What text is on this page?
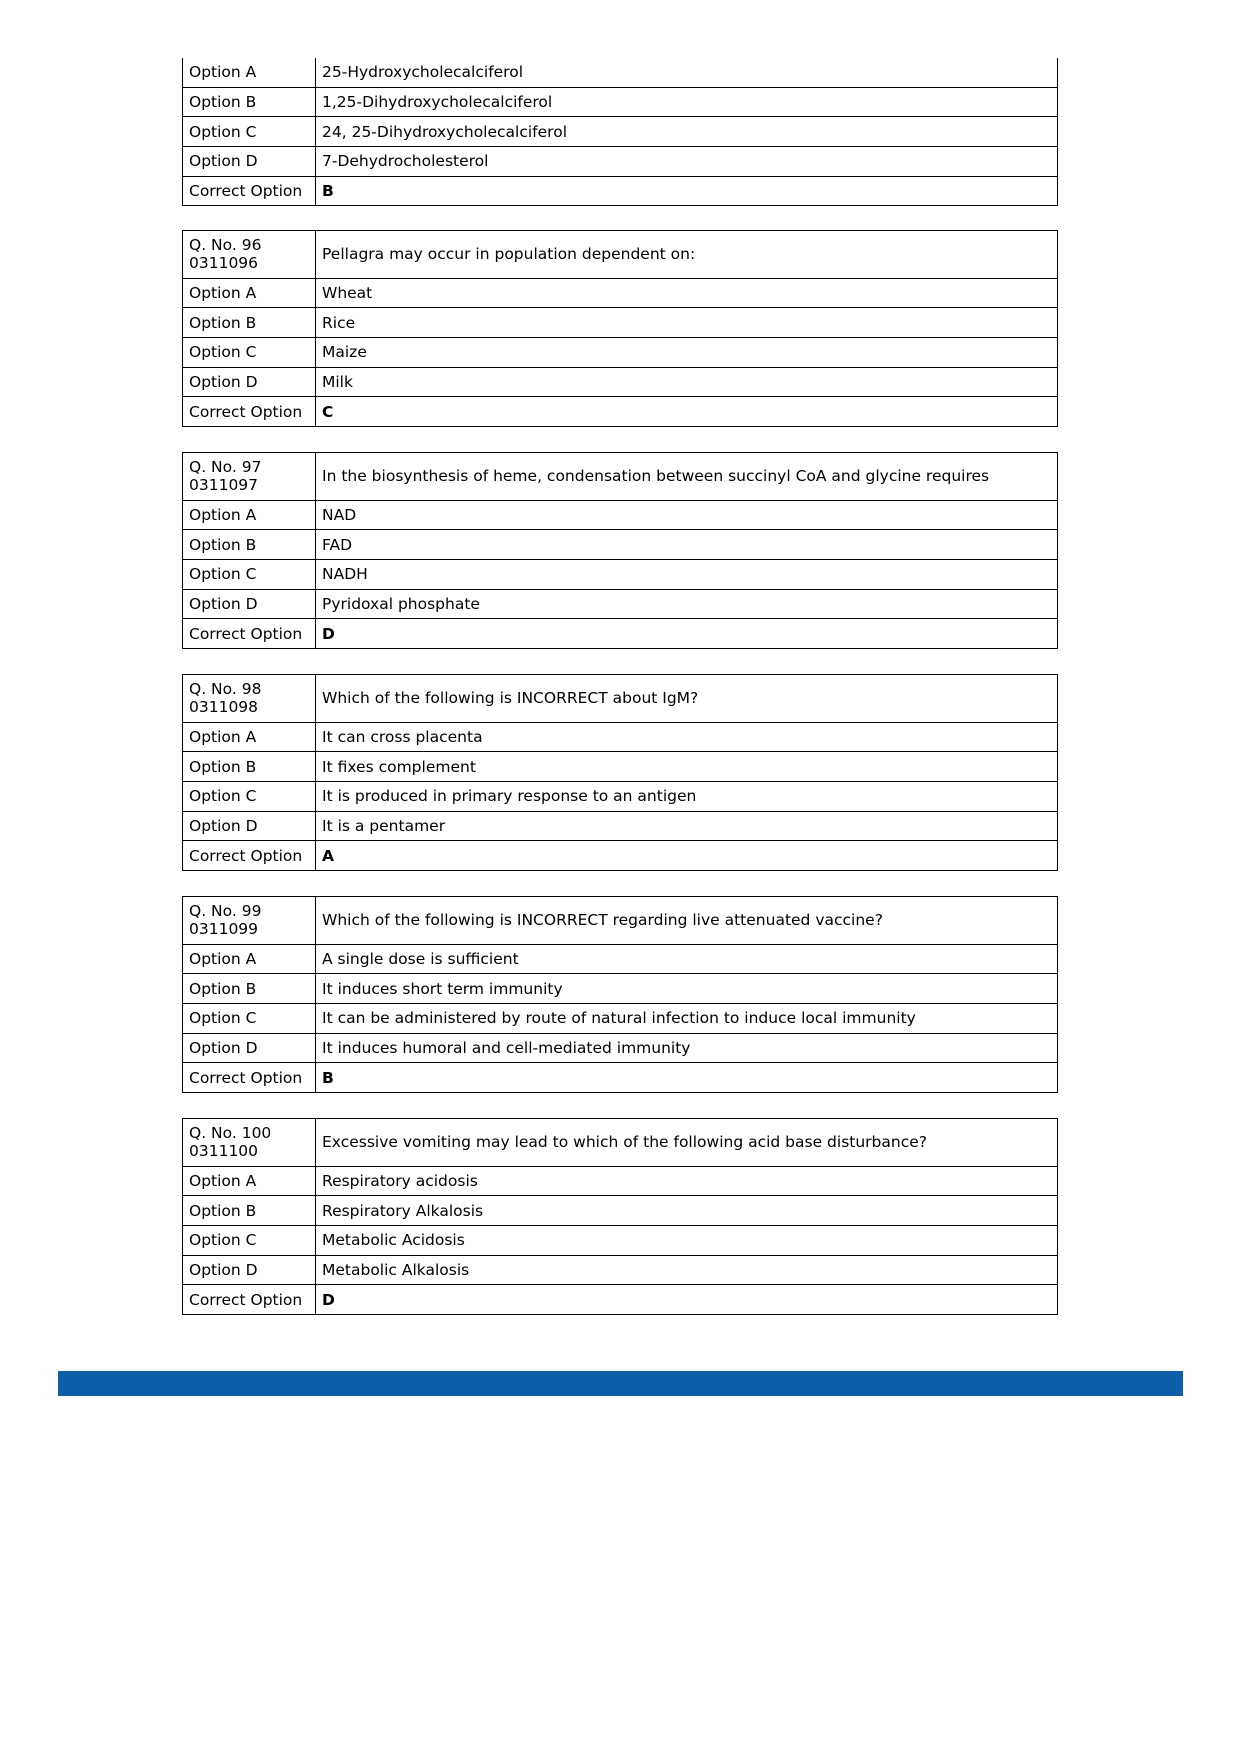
Option A	25-Hydroxycholecalciferol
Option B	1,25-Dihydroxycholecalciferol
Option C	24, 25-Dihydroxycholecalciferol
Option D	7-Dehydrocholesterol
Correct Option	B
Q. No. 96
0311096	Pellagra may occur in population dependent on:
Option A	Wheat
Option B	Rice
Option C	Maize
Option D	Milk
Correct Option	C
Q. No. 97
0311097	In the biosynthesis of heme, condensation between succinyl CoA and glycine requires
Option A	NAD
Option B	FAD
Option C	NADH
Option D	Pyridoxal phosphate
Correct Option	D
Q. No. 98
0311098	Which of the following is INCORRECT about IgM?
Option A	It can cross placenta
Option B	It fixes complement
Option C	It is produced in primary response to an antigen
Option D	It is a pentamer
Correct Option	A
Q. No. 99
0311099	Which of the following is INCORRECT regarding live attenuated vaccine?
Option A	A single dose is sufficient
Option B	It induces short term immunity
Option C	It can be administered by route of natural infection to induce local immunity
Option D	It induces humoral and cell-mediated immunity
Correct Option	B
Q. No. 100
0311100	Excessive vomiting may lead to which of the following acid base disturbance?
Option A	Respiratory acidosis
Option B	Respiratory Alkalosis
Option C	Metabolic Acidosis
Option D	Metabolic Alkalosis
Correct Option	D
